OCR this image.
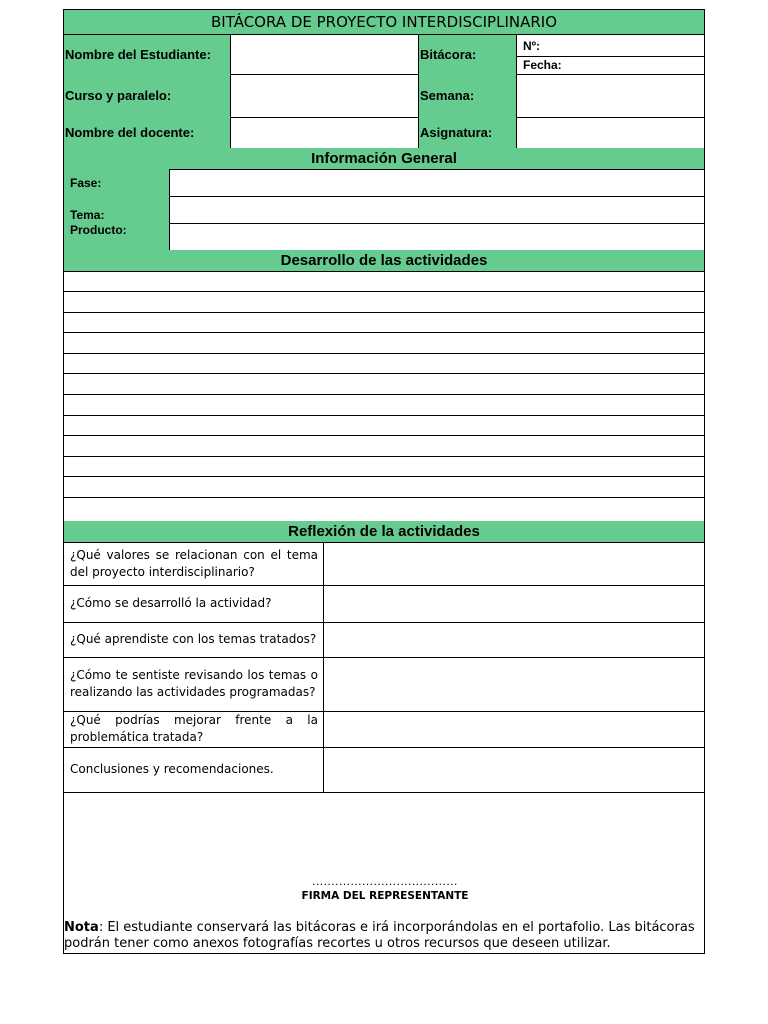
BITÁCORA DE PROYECTO INTERDISCIPLINARIO
Nombre del Estudiante:	Bitácora:
Nº:
Fecha:
Curso y paralelo:	Semana:
Nombre del docente:	Asignatura:
Información General
Fase:
Tema:
Producto:
Desarrollo de las actividades
Reflexión de la actividades
¿Qué valores se relacionan con el tema del proyecto interdisciplinario?
¿Cómo se desarrolló la actividad?
¿Qué aprendiste con los temas tratados?
¿Cómo te sentiste revisando los temas o realizando las actividades programadas?
¿Qué podrías mejorar frente a la problemática tratada?
Conclusiones y recomendaciones.
......................................
FIRMA DEL REPRESENTANTE
Nota: El estudiante conservará las bitácoras e irá incorporándolas en el portafolio. Las bitácoras podrán tener como anexos fotografías recortes u otros recursos que deseen utilizar.
